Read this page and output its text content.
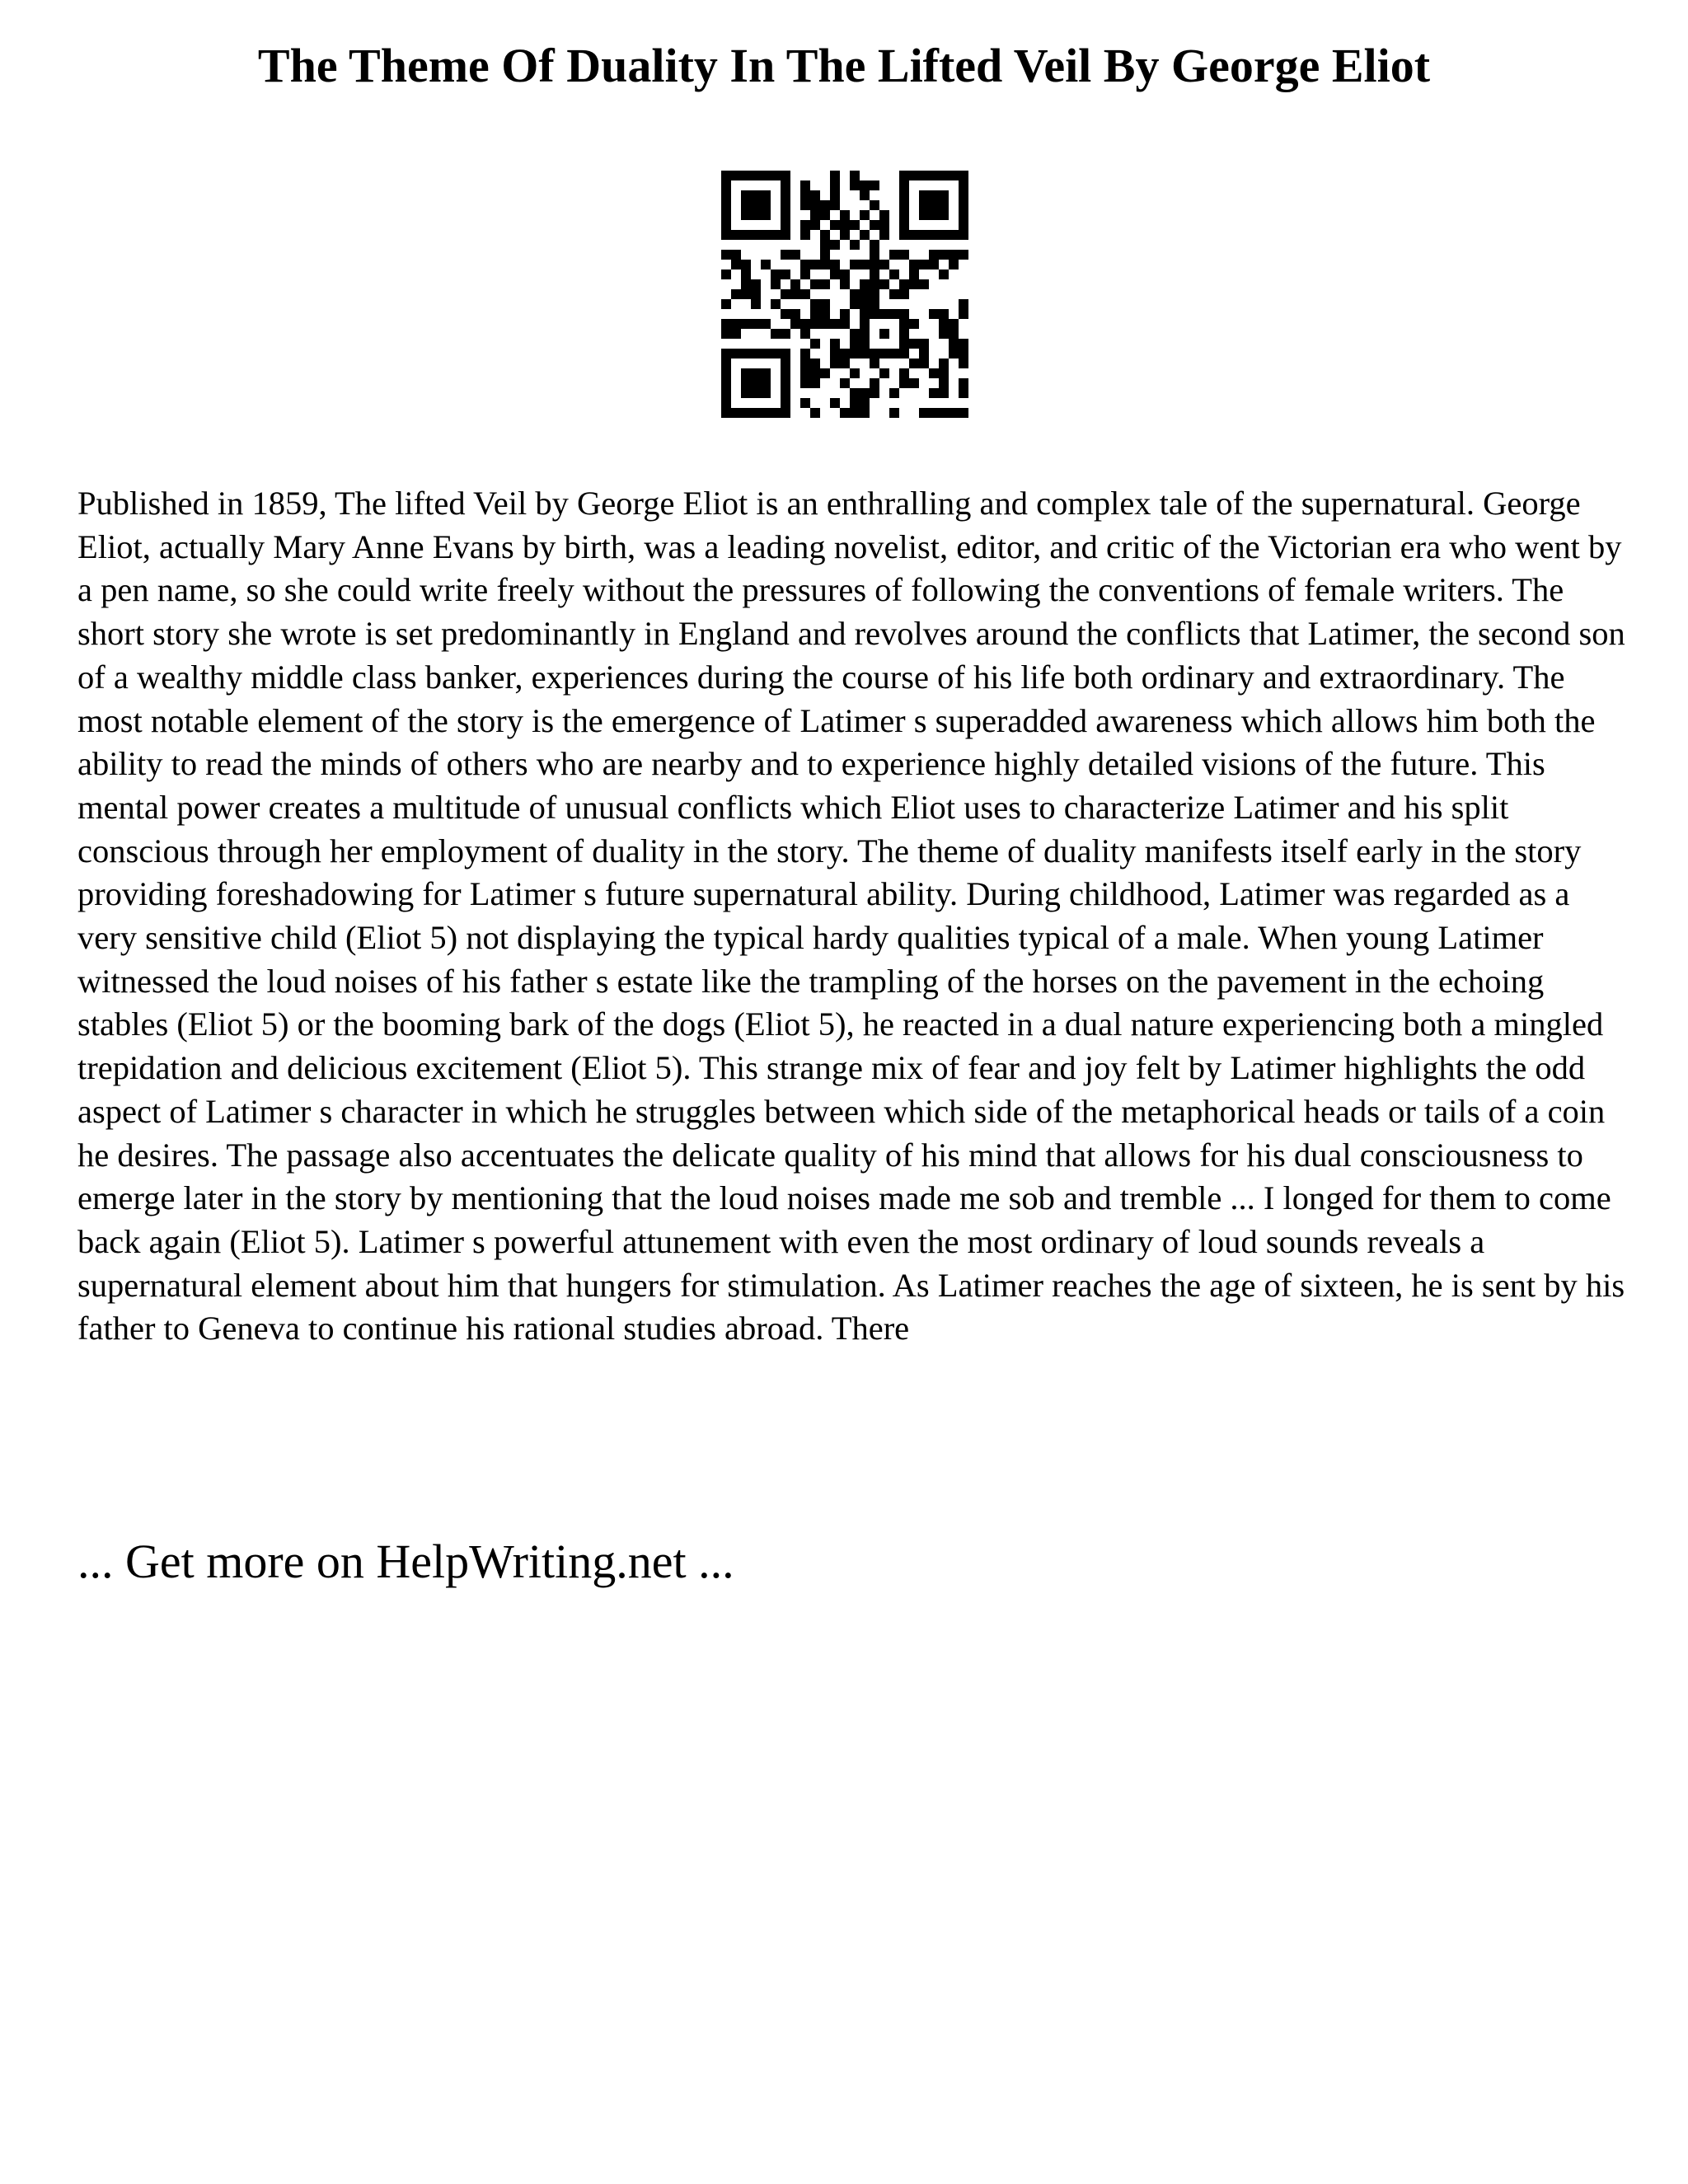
The Theme Of Duality In The Lifted Veil By George Eliot

Published in 1859, The lifted Veil by George Eliot is an enthralling and complex tale of the supernatural. George Eliot, actually Mary Anne Evans by birth, was a leading novelist, editor, and critic of the Victorian era who went by a pen name, so she could write freely without the pressures of following the conventions of female writers. The short story she wrote is set predominantly in England and revolves around the conflicts that Latimer, the second son of a wealthy middle class banker, experiences during the course of his life both ordinary and extraordinary. The most notable element of the story is the emergence of Latimer s superadded awareness which allows him both the ability to read the minds of others who are nearby and to experience highly detailed visions of the future. This mental power creates a multitude of unusual conflicts which Eliot uses to characterize Latimer and his split conscious through her employment of duality in the story. The theme of duality manifests itself early in the story providing foreshadowing for Latimer s future supernatural ability. During childhood, Latimer was regarded as a very sensitive child (Eliot 5) not displaying the typical hardy qualities typical of a male. When young Latimer witnessed the loud noises of his father s estate like the trampling of the horses on the pavement in the echoing stables (Eliot 5) or the booming bark of the dogs (Eliot 5), he reacted in a dual nature experiencing both a mingled trepidation and delicious excitement (Eliot 5). This strange mix of fear and joy felt by Latimer highlights the odd aspect of Latimer s character in which he struggles between which side of the metaphorical heads or tails of a coin he desires. The passage also accentuates the delicate quality of his mind that allows for his dual consciousness to emerge later in the story by mentioning that the loud noises made me sob and tremble ... I longed for them to come back again (Eliot 5). Latimer s powerful attunement with even the most ordinary of loud sounds reveals a supernatural element about him that hungers for stimulation. As Latimer reaches the age of sixteen, he is sent by his father to Geneva to continue his rational studies abroad. There

... Get more on HelpWriting.net ...
